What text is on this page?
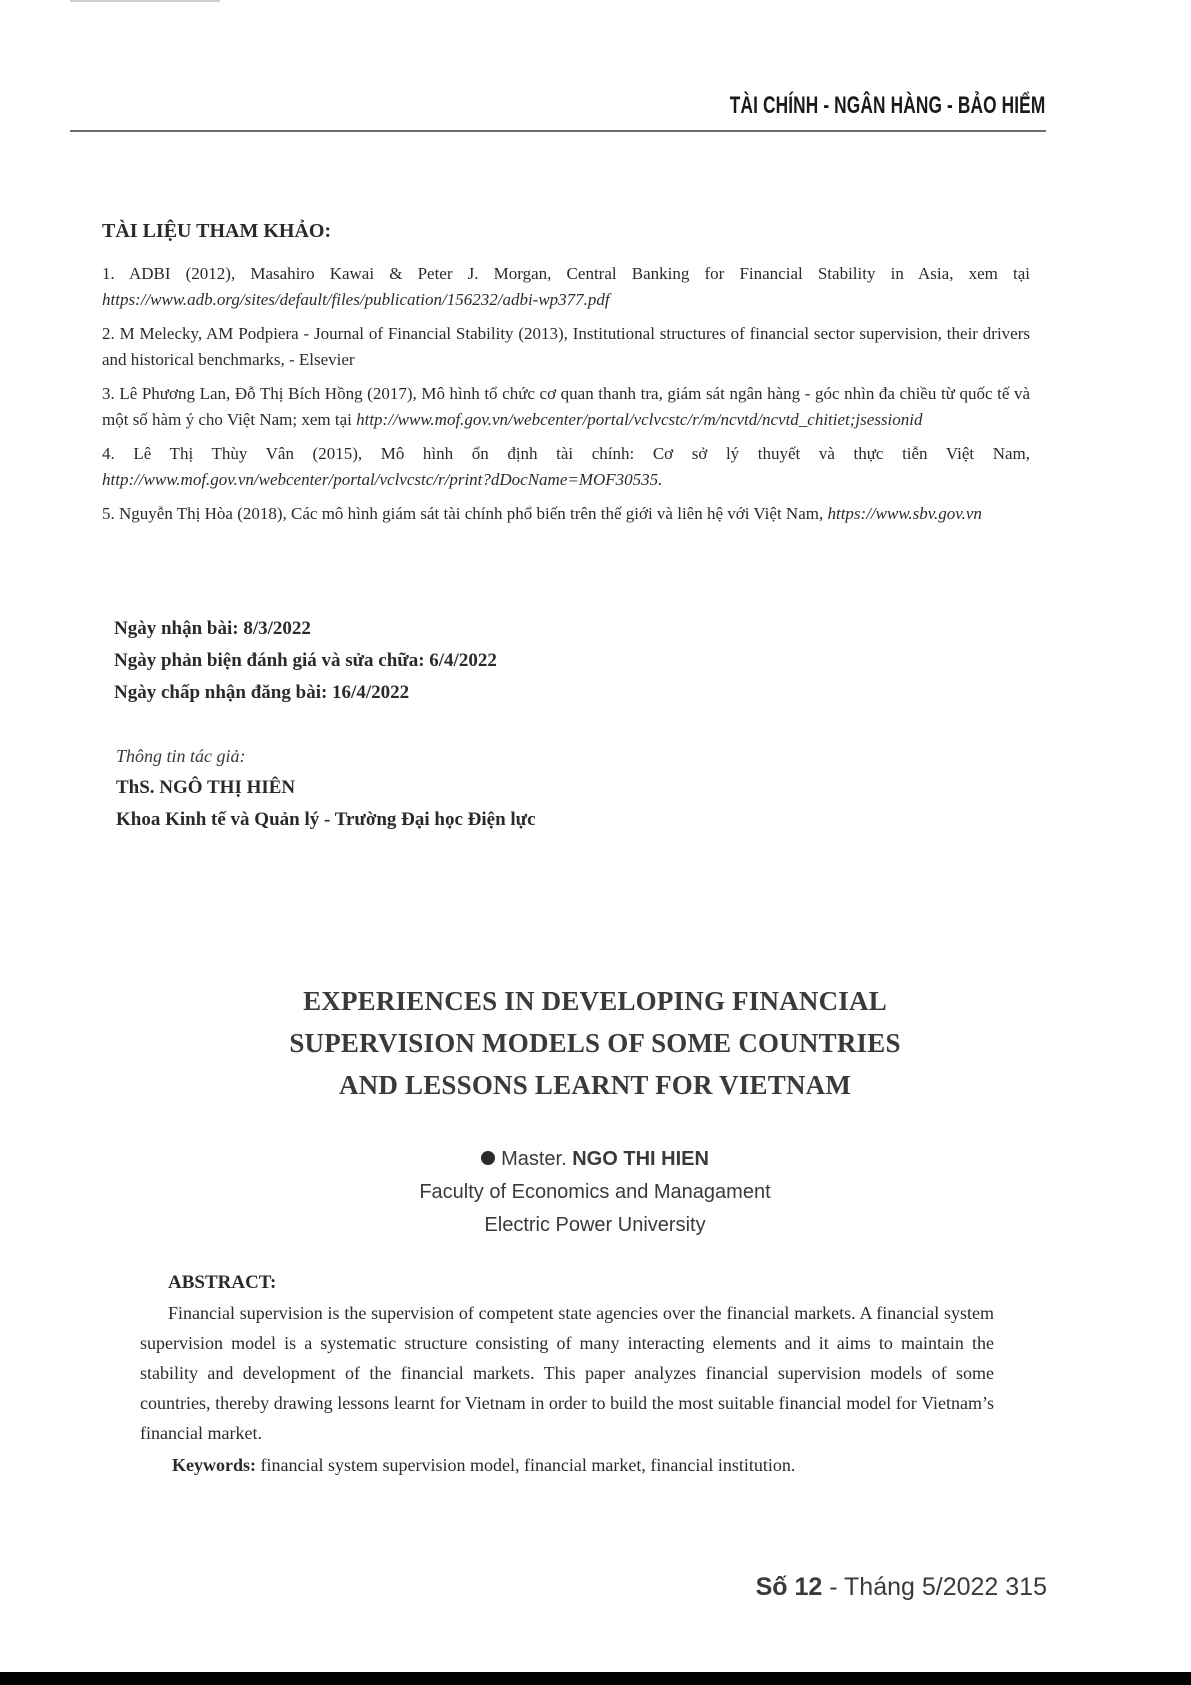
TÀI CHÍNH - NGÂN HÀNG - BẢO HIỂM
TÀI LIỆU THAM KHẢO:

1. ADBI (2012), Masahiro Kawai & Peter J. Morgan, Central Banking for Financial Stability in Asia, xem tại https://www.adb.org/sites/default/files/publication/156232/adbi-wp377.pdf

2. M Melecky, AM Podpiera - Journal of Financial Stability (2013), Institutional structures of financial sector supervision, their drivers and historical benchmarks, - Elsevier

3. Lê Phương Lan, Đỗ Thị Bích Hồng (2017), Mô hình tổ chức cơ quan thanh tra, giám sát ngân hàng - góc nhìn đa chiều từ quốc tế và một số hàm ý cho Việt Nam; xem tại http://www.mof.gov.vn/webcenter/portal/vclvcstc/r/m/ncvtd/ncvtd_chitiet;jsessionid

4. Lê Thị Thùy Vân (2015), Mô hình ổn định tài chính: Cơ sở lý thuyết và thực tiễn Việt Nam, http://www.mof.gov.vn/webcenter/portal/vclvcstc/r/print?dDocName=MOF30535.

5. Nguyễn Thị Hòa (2018), Các mô hình giám sát tài chính phổ biến trên thế giới và liên hệ với Việt Nam, https://www.sbv.gov.vn

Ngày nhận bài: 8/3/2022
Ngày phản biện đánh giá và sửa chữa: 6/4/2022
Ngày chấp nhận đăng bài: 16/4/2022
Thông tin tác giả:
ThS. NGÔ THỊ HIÊN
Khoa Kinh tế và Quản lý - Trường Đại học Điện lực
EXPERIENCES IN DEVELOPING FINANCIAL
SUPERVISION MODELS OF SOME COUNTRIES
AND LESSONS LEARNT FOR VIETNAM
Master. NGO THI HIEN
Faculty of Economics and Managament
Electric Power University
ABSTRACT:

Financial supervision is the supervision of competent state agencies over the financial markets. A financial system supervision model is a systematic structure consisting of many interacting elements and it aims to maintain the stability and development of the financial markets. This paper analyzes financial supervision models of some countries, thereby drawing lessons learnt for Vietnam in order to build the most suitable financial model for Vietnam’s financial market.

Keywords: financial system supervision model, financial market, financial institution.
Số 12 - Tháng 5/2022 315
